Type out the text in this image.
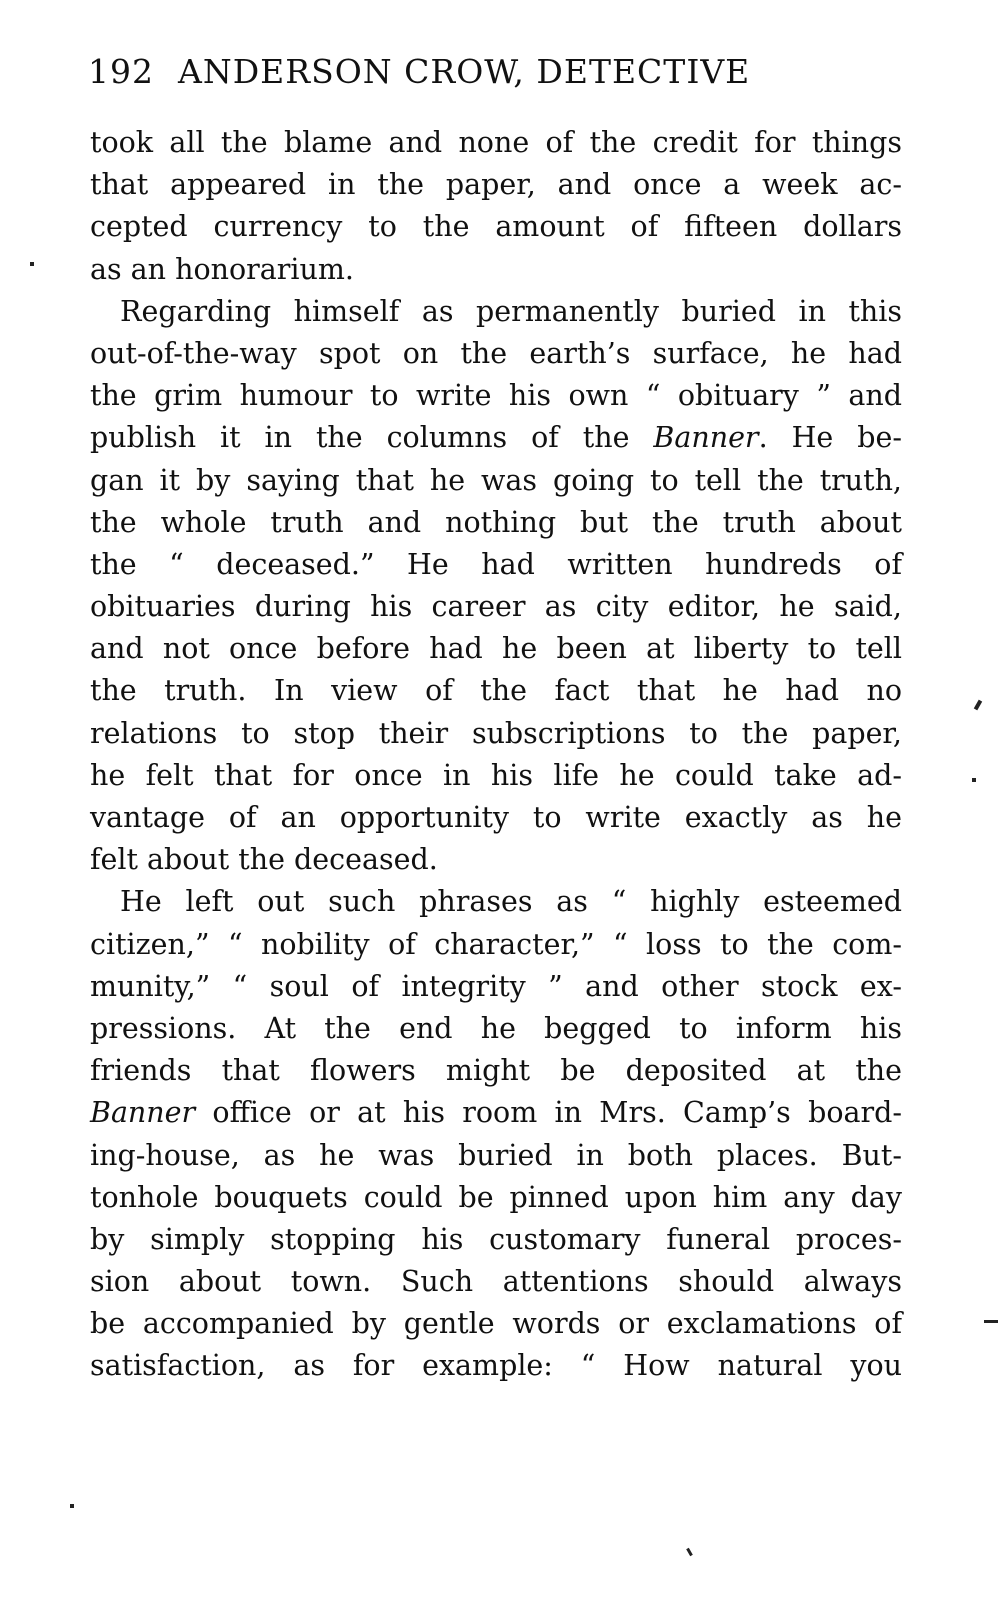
192 ANDERSON CROW, DETECTIVE
took all the blame and none of the credit for things
that appeared in the paper, and once a week ac-
cepted currency to the amount of fifteen dollars
as an honorarium.
Regarding himself as permanently buried in this
out-of-the-way spot on the earth’s surface, he had
the grim humour to write his own “ obituary ” and
publish it in the columns of the Banner. He be-
gan it by saying that he was going to tell the truth,
the whole truth and nothing but the truth about
the “ deceased.” He had written hundreds of
obituaries during his career as city editor, he said,
and not once before had he been at liberty to tell
the truth. In view of the fact that he had no
relations to stop their subscriptions to the paper,
he felt that for once in his life he could take ad-
vantage of an opportunity to write exactly as he
felt about the deceased.
He left out such phrases as “ highly esteemed
citizen,” “ nobility of character,” “ loss to the com-
munity,” “ soul of integrity ” and other stock ex-
pressions. At the end he begged to inform his
friends that flowers might be deposited at the
Banner office or at his room in Mrs. Camp’s board-
ing-house, as he was buried in both places. But-
tonhole bouquets could be pinned upon him any day
by simply stopping his customary funeral proces-
sion about town. Such attentions should always
be accompanied by gentle words or exclamations of
satisfaction, as for example: “ How natural you
